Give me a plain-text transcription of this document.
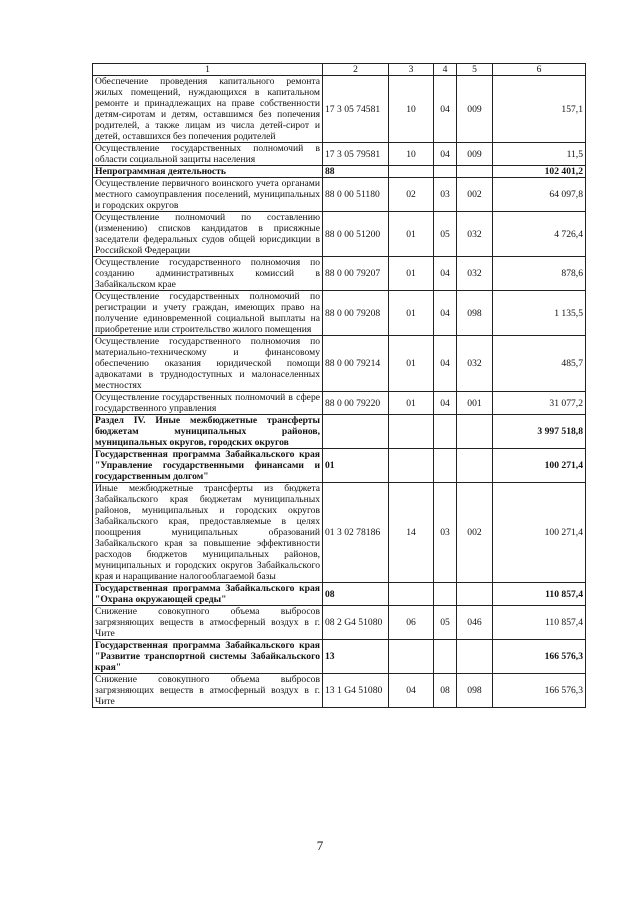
1	2	3	4	5	6
Обеспечение проведения капитального ремонта жилых помещений, нуждающихся в капитальном ремонте и принадлежащих на праве собственности детям-сиротам и детям, оставшимся без попечения родителей, а также лицам из числа детей-сирот и детей, оставшихся без попечения родителей	17 3 05 74581	10	04	009	157,1
Осуществление государственных полномочий в области социальной защиты населения	17 3 05 79581	10	04	009	11,5
Непрограммная деятельность	88				102 401,2
Осуществление первичного воинского учета органами местного самоуправления поселений, муниципальных и городских округов	88 0 00 51180	02	03	002	64 097,8
Осуществление полномочий по составлению (изменению) списков кандидатов в присяжные заседатели федеральных судов общей юрисдикции в Российской Федерации	88 0 00 51200	01	05	032	4 726,4
Осуществление государственного полномочия по созданию административных комиссий в Забайкальском крае	88 0 00 79207	01	04	032	878,6
Осуществление государственных полномочий по регистрации и учету граждан, имеющих право на получение единовременной социальной выплаты на приобретение или строительство жилого помещения	88 0 00 79208	01	04	098	1 135,5
Осуществление государственного полномочия по материально-техническому и финансовому обеспечению оказания юридической помощи адвокатами в труднодоступных и малонаселенных местностях	88 0 00 79214	01	04	032	485,7
Осуществление государственных полномочий в сфере государственного управления	88 0 00 79220	01	04	001	31 077,2
Раздел IV. Иные межбюджетные трансферты бюджетам муниципальных районов, муниципальных округов, городских округов					3 997 518,8
Государственная программа Забайкальского края "Управление государственными финансами и государственным долгом"	01				100 271,4
Иные межбюджетные трансферты из бюджета Забайкальского края бюджетам муниципальных районов, муниципальных и городских округов Забайкальского края, предоставляемые в целях поощрения муниципальных образований Забайкальского края за повышение эффективности расходов бюджетов муниципальных районов, муниципальных и городских округов Забайкальского края и наращивание налогооблагаемой базы	01 3 02 78186	14	03	002	100 271,4
Государственная программа Забайкальского края "Охрана окружающей среды"	08				110 857,4
Снижение совокупного объема выбросов загрязняющих веществ в атмосферный воздух в г. Чите	08 2 G4 51080	06	05	046	110 857,4
Государственная программа Забайкальского края "Развитие транспортной системы Забайкальского края"	13				166 576,3
Снижение совокупного объема выбросов загрязняющих веществ в атмосферный воздух в г. Чите	13 1 G4 51080	04	08	098	166 576,3
7
